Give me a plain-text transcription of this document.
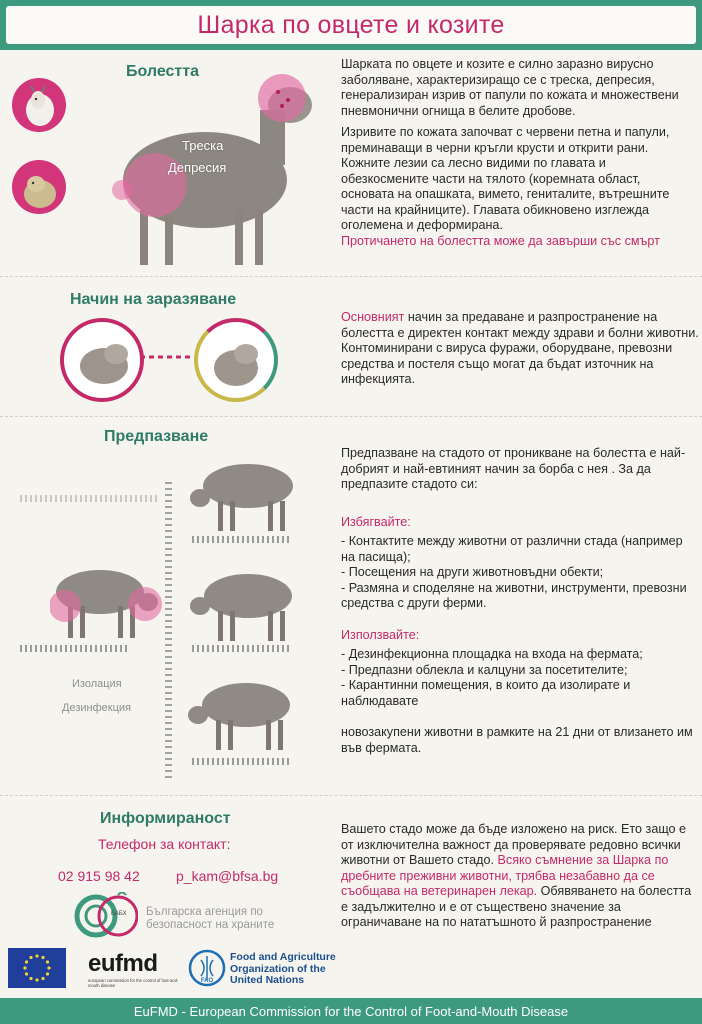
Шарка по овцете и козите
Болестта
Треска
Депресия

Шарката по овцете и козите е силно заразно вирусно заболяване, характеризиращо се с треска, депресия, генерализиран изрив от папули по кожата и множествени пневмонични огнища в белите дробове.

Изривите по кожата започват с червени петна и папули, преминаващи в черни кръгли крусти и открити рани. Кожните лезии са лесно видими по главата и обезкосмените части на тялото (коремната област, основата на опашката, вимето, гениталите, вътрешните части на крайниците). Главата обикновено изглежда оголемена и деформирана.

Протичането на болестта може да завърши със смърт

Начин на заразяване
Основният начин за предаване и разпространение на болестта е директен контакт между здрави и болни животни. Контоминирани с вируса фуражи, оборудване, превозни средства и постеля също могат да бъдат източник на инфекцията.
Предпазване
Изолация
Дезинфекция

Предпазване на стадото от проникване на болестта е най-добрият и най-евтиният начин за борба с нея . За да предпазите стадото си:

Избягвайте:
- Контактите между животни от различни стада (например на пасища);
- Посещения на други животновъдни обекти;
- Размяна и споделяне на животни, инструменти, превозни средства с други ферми.
Използвайте:
- Дезинфекционна площадка на входа на фермата;
- Предпазни облекла и калцуни за посетителите;
- Карантинни помещения, в които да изолирате и наблюдавате
новозакупени животни в рамките на 21 дни от влизането им във фермата.
Информираност
Телефон за контакт:
02 915 98 42	p_kam@bfsa.bg
БАБХ Българска агенция по
безопасност на храните
Вашето стадо може да бъде изложено на риск. Ето защо е от изключителна важност да проверявате редовно всички животни от Вашето стадо. Всяко съмнение за Шарка по дребните преживни животни, трябва незабавно да се съобщава на ветеринарен лекар. Обявяването на болестта е задължително и е от съществено значение за ограничаване на по нататъшното й разпространение
eufmd
european commission for the control of foot-and-mouth disease
FAO
Food and Agriculture
Organization of the
United Nations
EuFMD - European Commission for the Control of Foot-and-Mouth Disease
